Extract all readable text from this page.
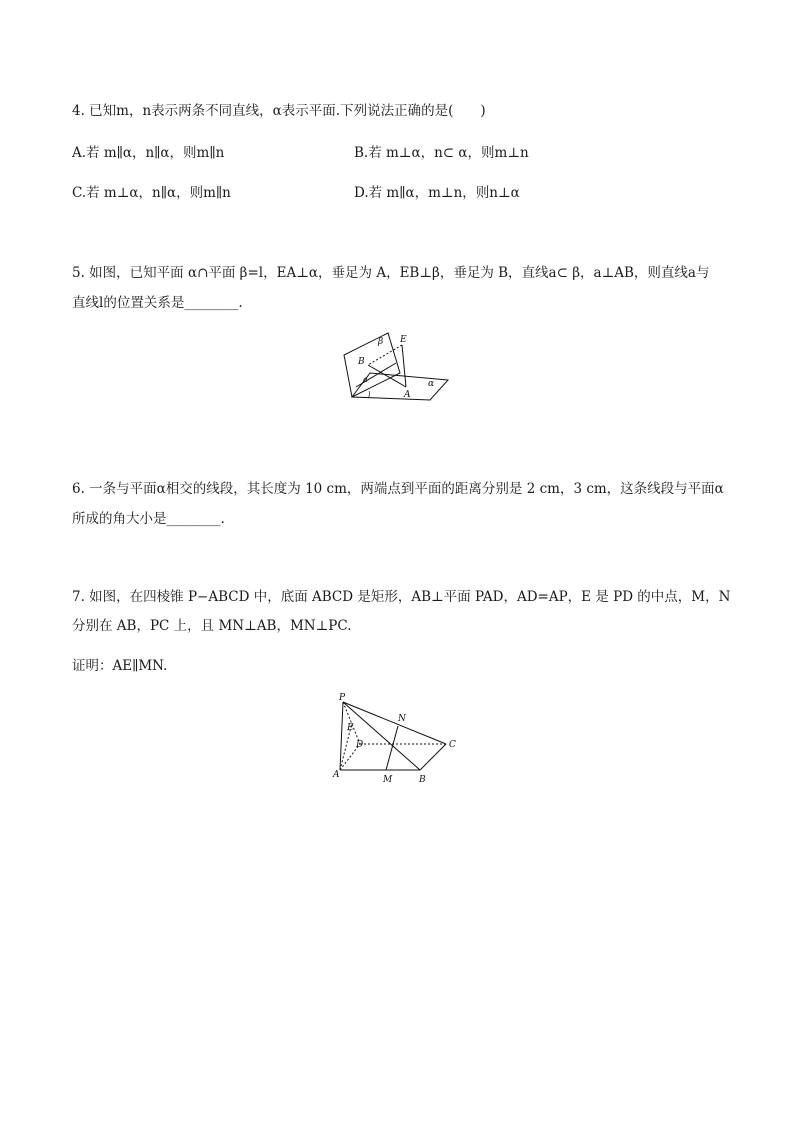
4. 已知m，n表示两条不同直线，α表示平面.下列说法正确的是(　　)
A.若 m∥α，n∥α，则m∥n	B.若 m⊥α，n⊂ α，则m⊥n
C.若 m⊥α，n∥α，则m∥n	D.若 m∥α，m⊥n，则n⊥α
5. 如图，已知平面 α∩平面 β=l，EA⊥α，垂足为 A，EB⊥β，垂足为 B，直线a⊂ β，a⊥AB，则直线a与
直线l的位置关系是________.
β E
B
α
a
l	A
6. 一条与平面α相交的线段，其长度为 10 cm，两端点到平面的距离分别是 2 cm，3 cm，这条线段与平面α
所成的角大小是________.
7. 如图，在四棱锥 P−ABCD 中，底面 ABCD 是矩形，AB⊥平面 PAD，AD=AP，E 是 PD 的中点，M，N
分别在 AB，PC 上，且 MN⊥AB，MN⊥PC.
证明：AE∥MN.
P
N
E
D	C
A	M	B
